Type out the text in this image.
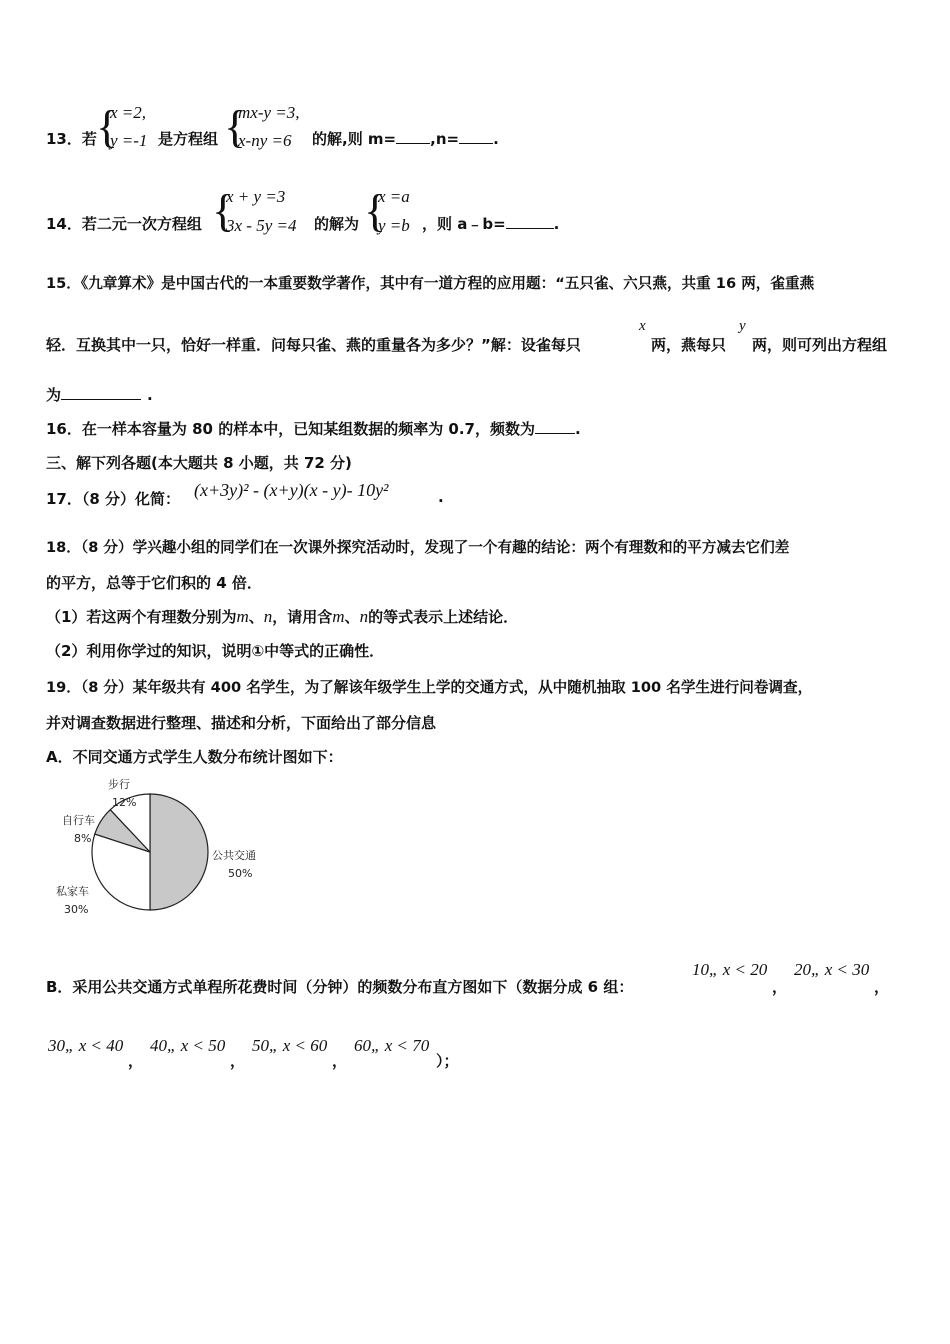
13．若 {
x =2,
y =-1 是方程组 {
mx-y =3,
x-ny =6 的解,则 m= ,n= .
14．若二元一次方程组 {
x + y =3
3x - 5y =4 的解为 {
x =a
y =b ，则 a﹣b=	.
15．《九章算术》是中国古代的一本重要数学著作，其中有一道方程的应用题：“五只雀、六只燕，共重 16 两，雀重燕
轻．互换其中一只，恰好一样重．问每只雀、燕的重量各为多少？”解：设雀每只
x
两，燕每只
y
两，则可列出方程组
为	.
16．在一样本容量为 80 的样本中，已知某组数据的频率为 0.7，频数为	.
三、解下列各题(本大题共 8 小题，共 72 分)
17．（8 分）化简： (x+3y)² - (x+y)(x - y)- 10y²	.
18．（8 分）学兴趣小组的同学们在一次课外探究活动时，发现了一个有趣的结论：两个有理数和的平方减去它们差
的平方，总等于它们积的 4 倍．
（1）若这两个有理数分别为m、n，请用含m、n的等式表示上述结论．
（2）利用你学过的知识，说明①中等式的正确性．
19．（8 分）某年级共有 400 名学生，为了解该年级学生上学的交通方式，从中随机抽取 100 名学生进行问卷调查，
并对调查数据进行整理、描述和分析，下面给出了部分信息
A．不同交通方式学生人数分布统计图如下：
公共交通
50%
私家车
30%
自行车
8%
步行
12%
B．采用公共交通方式单程所花费时间（分钟）的频数分布直方图如下（数据分成 6 组：
10„ x < 20
，
20„ x < 30
，
30„ x < 40
，
40„ x < 50
，
50„ x < 60
，
60„ x < 70
）；
